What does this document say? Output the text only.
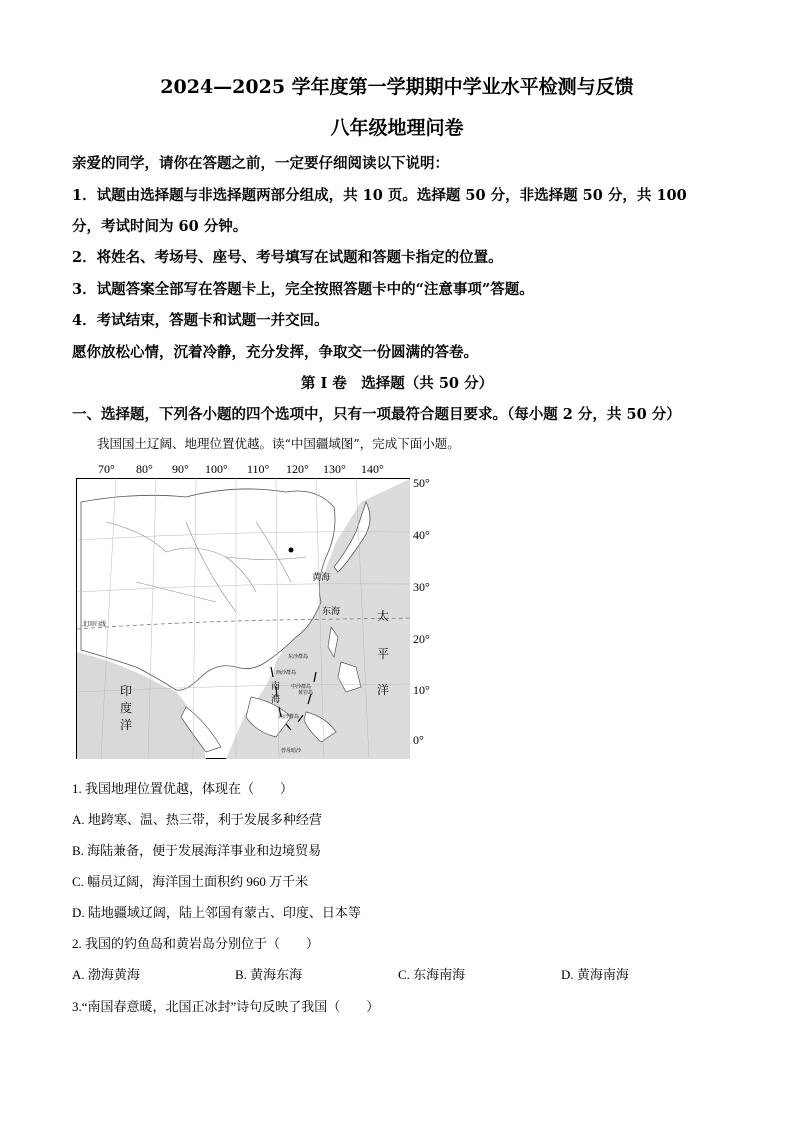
2024—2025 学年度第一学期期中学业水平检测与反馈
八年级地理问卷
亲爱的同学，请你在答题之前，一定要仔细阅读以下说明：
1．试题由选择题与非选择题两部分组成，共 10 页。选择题 50 分，非选择题 50 分，共 100
分，考试时间为 60 分钟。
2．将姓名、考场号、座号、考号填写在试题和答题卡指定的位置。
3．试题答案全部写在答题卡上，完全按照答题卡中的“注意事项”答题。
4．考试结束，答题卡和试题一并交回。
愿你放松心情，沉着冷静，充分发挥，争取交一份圆满的答卷。
第 I 卷　选择题（共 50 分）
一、选择题，下列各小题的四个选项中，只有一项最符合题目要求。（每小题 2 分，共 50 分）
我国国土辽阔、地理位置优越。读“中国疆域图”，完成下面小题。
70° 80° 90° 100° 110° 120° 130° 140°
50°
40°
30°
20°
10°
0°
黄海
东海	太
平
洋
印
度
洋
南
海
北回归线
东沙群岛
西沙群岛
中沙群岛
南沙群岛
黄岩岛
曾母暗沙
1. 我国地理位置优越，体现在（　　）
A. 地跨寒、温、热三带，利于发展多种经营
B. 海陆兼备，便于发展海洋事业和边境贸易
C. 幅员辽阔，海洋国土面积约 960 万千米
D. 陆地疆域辽阔，陆上邻国有蒙古、印度、日本等
2. 我国的钓鱼岛和黄岩岛分别位于（　　）
A. 渤海黄海	B. 黄海东海	C. 东海南海	D. 黄海南海
3.“南国春意暖，北国正冰封”诗句反映了我国（　　）
